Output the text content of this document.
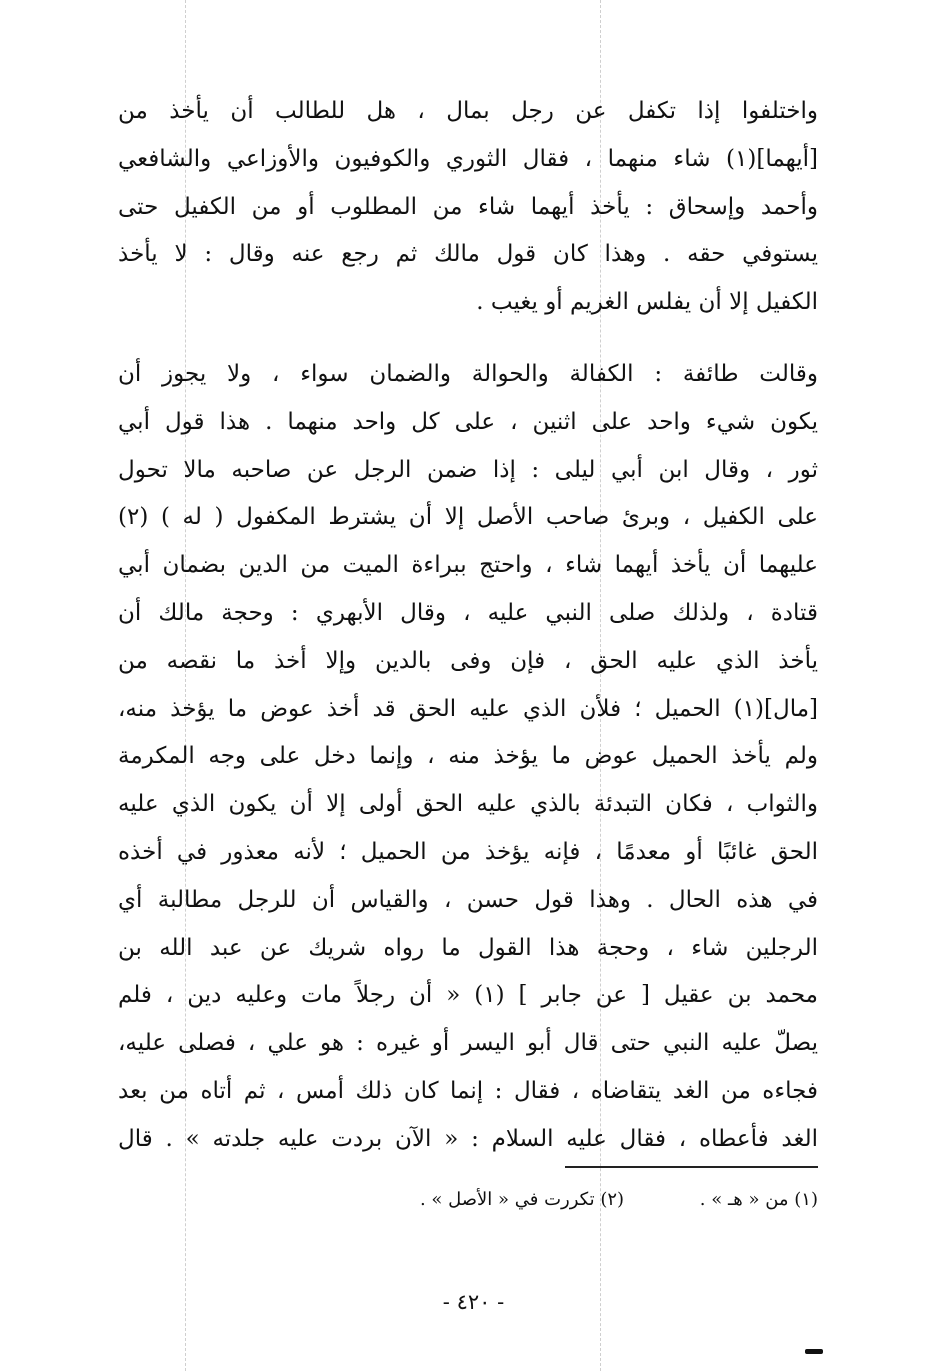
واختلفوا إذا تكفل عن رجل بمال ، هل للطالب أن يأخذ من
[أيهما](١) شاء منهما ، فقال الثوري والكوفيون والأوزاعي والشافعي
وأحمد وإسحاق : يأخذ أيهما شاء من المطلوب أو من الكفيل حتى
يستوفي حقه . وهذا كان قول مالك ثم رجع عنه وقال : لا يأخذ
الكفيل إلا أن يفلس الغريم أو يغيب .
وقالت طائفة : الكفالة والحوالة والضمان سواء ، ولا يجوز أن
يكون شيء واحد على اثنين ، على كل واحد منهما . هذا قول أبي
ثور ، وقال ابن أبي ليلى : إذا ضمن الرجل عن صاحبه مالا تحول
على الكفيل ، وبرئ صاحب الأصل إلا أن يشترط المكفول ( له ) (٢)
عليهما أن يأخذ أيهما شاء ، واحتج ببراءة الميت من الدين بضمان أبي
قتادة ، ولذلك صلى النبي عليه ، وقال الأبهري : وحجة مالك أن
يأخذ الذي عليه الحق ، فإن وفى بالدين وإلا أخذ ما نقصه من
[مال](١) الحميل ؛ فلأن الذي عليه الحق قد أخذ عوض ما يؤخذ منه،
ولم يأخذ الحميل عوض ما يؤخذ منه ، وإنما دخل على وجه المكرمة
والثواب ، فكان التبدئة بالذي عليه الحق أولى إلا أن يكون الذي عليه
الحق غائبًا أو معدمًا ، فإنه يؤخذ من الحميل ؛ لأنه معذور في أخذه
في هذه الحال . وهذا قول حسن ، والقياس أن للرجل مطالبة أي
الرجلين شاء ، وحجة هذا القول ما رواه شريك عن عبد الله بن
محمد بن عقيل [ عن جابر ] (١) « أن رجلاً مات وعليه دين ، فلم
يصلّ عليه النبي حتى قال أبو اليسر أو غيره : هو علي ، فصلى عليه،
فجاءه من الغد يتقاضاه ، فقال : إنما كان ذلك أمس ، ثم أتاه من بعد
الغد فأعطاه ، فقال عليه السلام : « الآن بردت عليه جلدته » . قال
(١) من « هـ » . (٢) تكررت في « الأصل » .
- ٤٢٠ -
